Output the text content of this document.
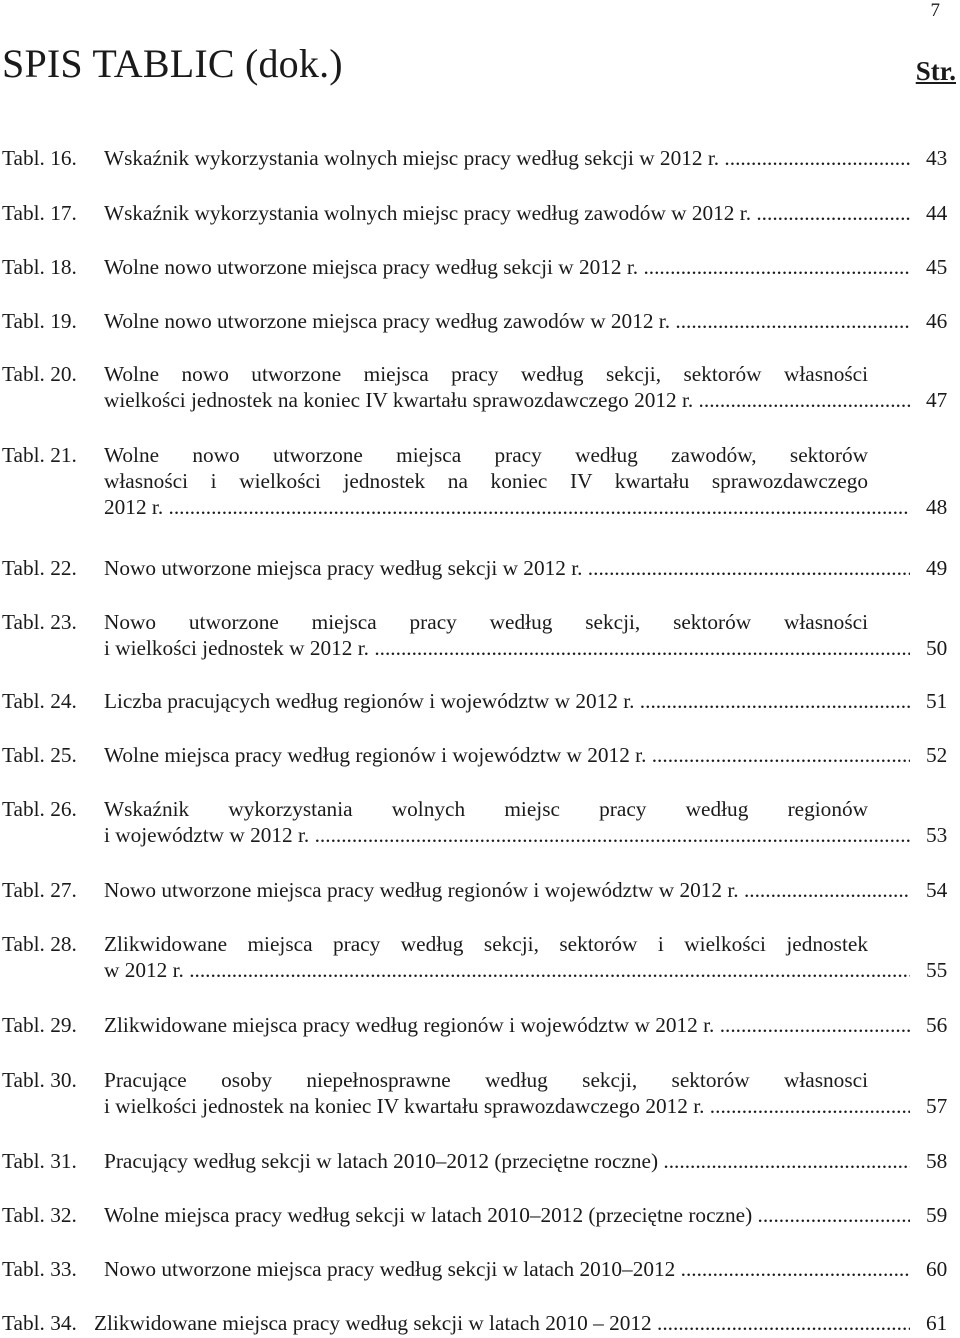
7
SPIS TABLIC (dok.)	Str.
Tabl. 16. Wskaźnik wykorzystania wolnych miejsc pracy według sekcji w 2012 r. .....	43
Tabl. 17. Wskaźnik wykorzystania wolnych miejsc pracy według zawodów w 2012 r. .....	44
Tabl. 18. Wolne nowo utworzone miejsca pracy według sekcji w 2012 r. .....	45
Tabl. 19. Wolne nowo utworzone miejsca pracy według zawodów w 2012 r. .....	46
Tabl. 20. Wolne nowo utworzone miejsca pracy według sekcji, sektorów własności
wielkości jednostek na koniec IV kwartału sprawozdawczego 2012 r. .....	47
Tabl. 21. Wolne nowo utworzone miejsca pracy według zawodów, sektorów
własności i wielkości jednostek na koniec IV kwartału sprawozdawczego
2012 r. .....	48
Tabl. 22. Nowo utworzone miejsca pracy według sekcji w 2012 r. .....	49
Tabl. 23. Nowo utworzone miejsca pracy według sekcji, sektorów własności
i wielkości jednostek w 2012 r. .....	50
Tabl. 24. Liczba pracujących według regionów i województw w 2012 r. .....	51
Tabl. 25. Wolne miejsca pracy według regionów i województw w 2012 r. .....	52
Tabl. 26. Wskaźnik wykorzystania wolnych miejsc pracy według regionów
i województw w 2012 r. .....	53
Tabl. 27. Nowo utworzone miejsca pracy według regionów i województw w 2012 r. .....	54
Tabl. 28. Zlikwidowane miejsca pracy według sekcji, sektorów i wielkości jednostek
w 2012 r. .....	55
Tabl. 29. Zlikwidowane miejsca pracy według regionów i województw w 2012 r. .....	56
Tabl. 30. Pracujące osoby niepełnosprawne według sekcji, sektorów własnosci
i wielkości jednostek na koniec IV kwartału sprawozdawczego 2012 r. .....	57
Tabl. 31. Pracujący według sekcji w latach 2010–2012 (przeciętne roczne) .....	58
Tabl. 32. Wolne miejsca pracy według sekcji w latach 2010–2012 (przeciętne roczne) .....	59
Tabl. 33. Nowo utworzone miejsca pracy według sekcji w latach 2010–2012 .....	60
Tabl. 34. Zlikwidowane miejsca pracy według sekcji w latach 2010 – 2012 .....	61
